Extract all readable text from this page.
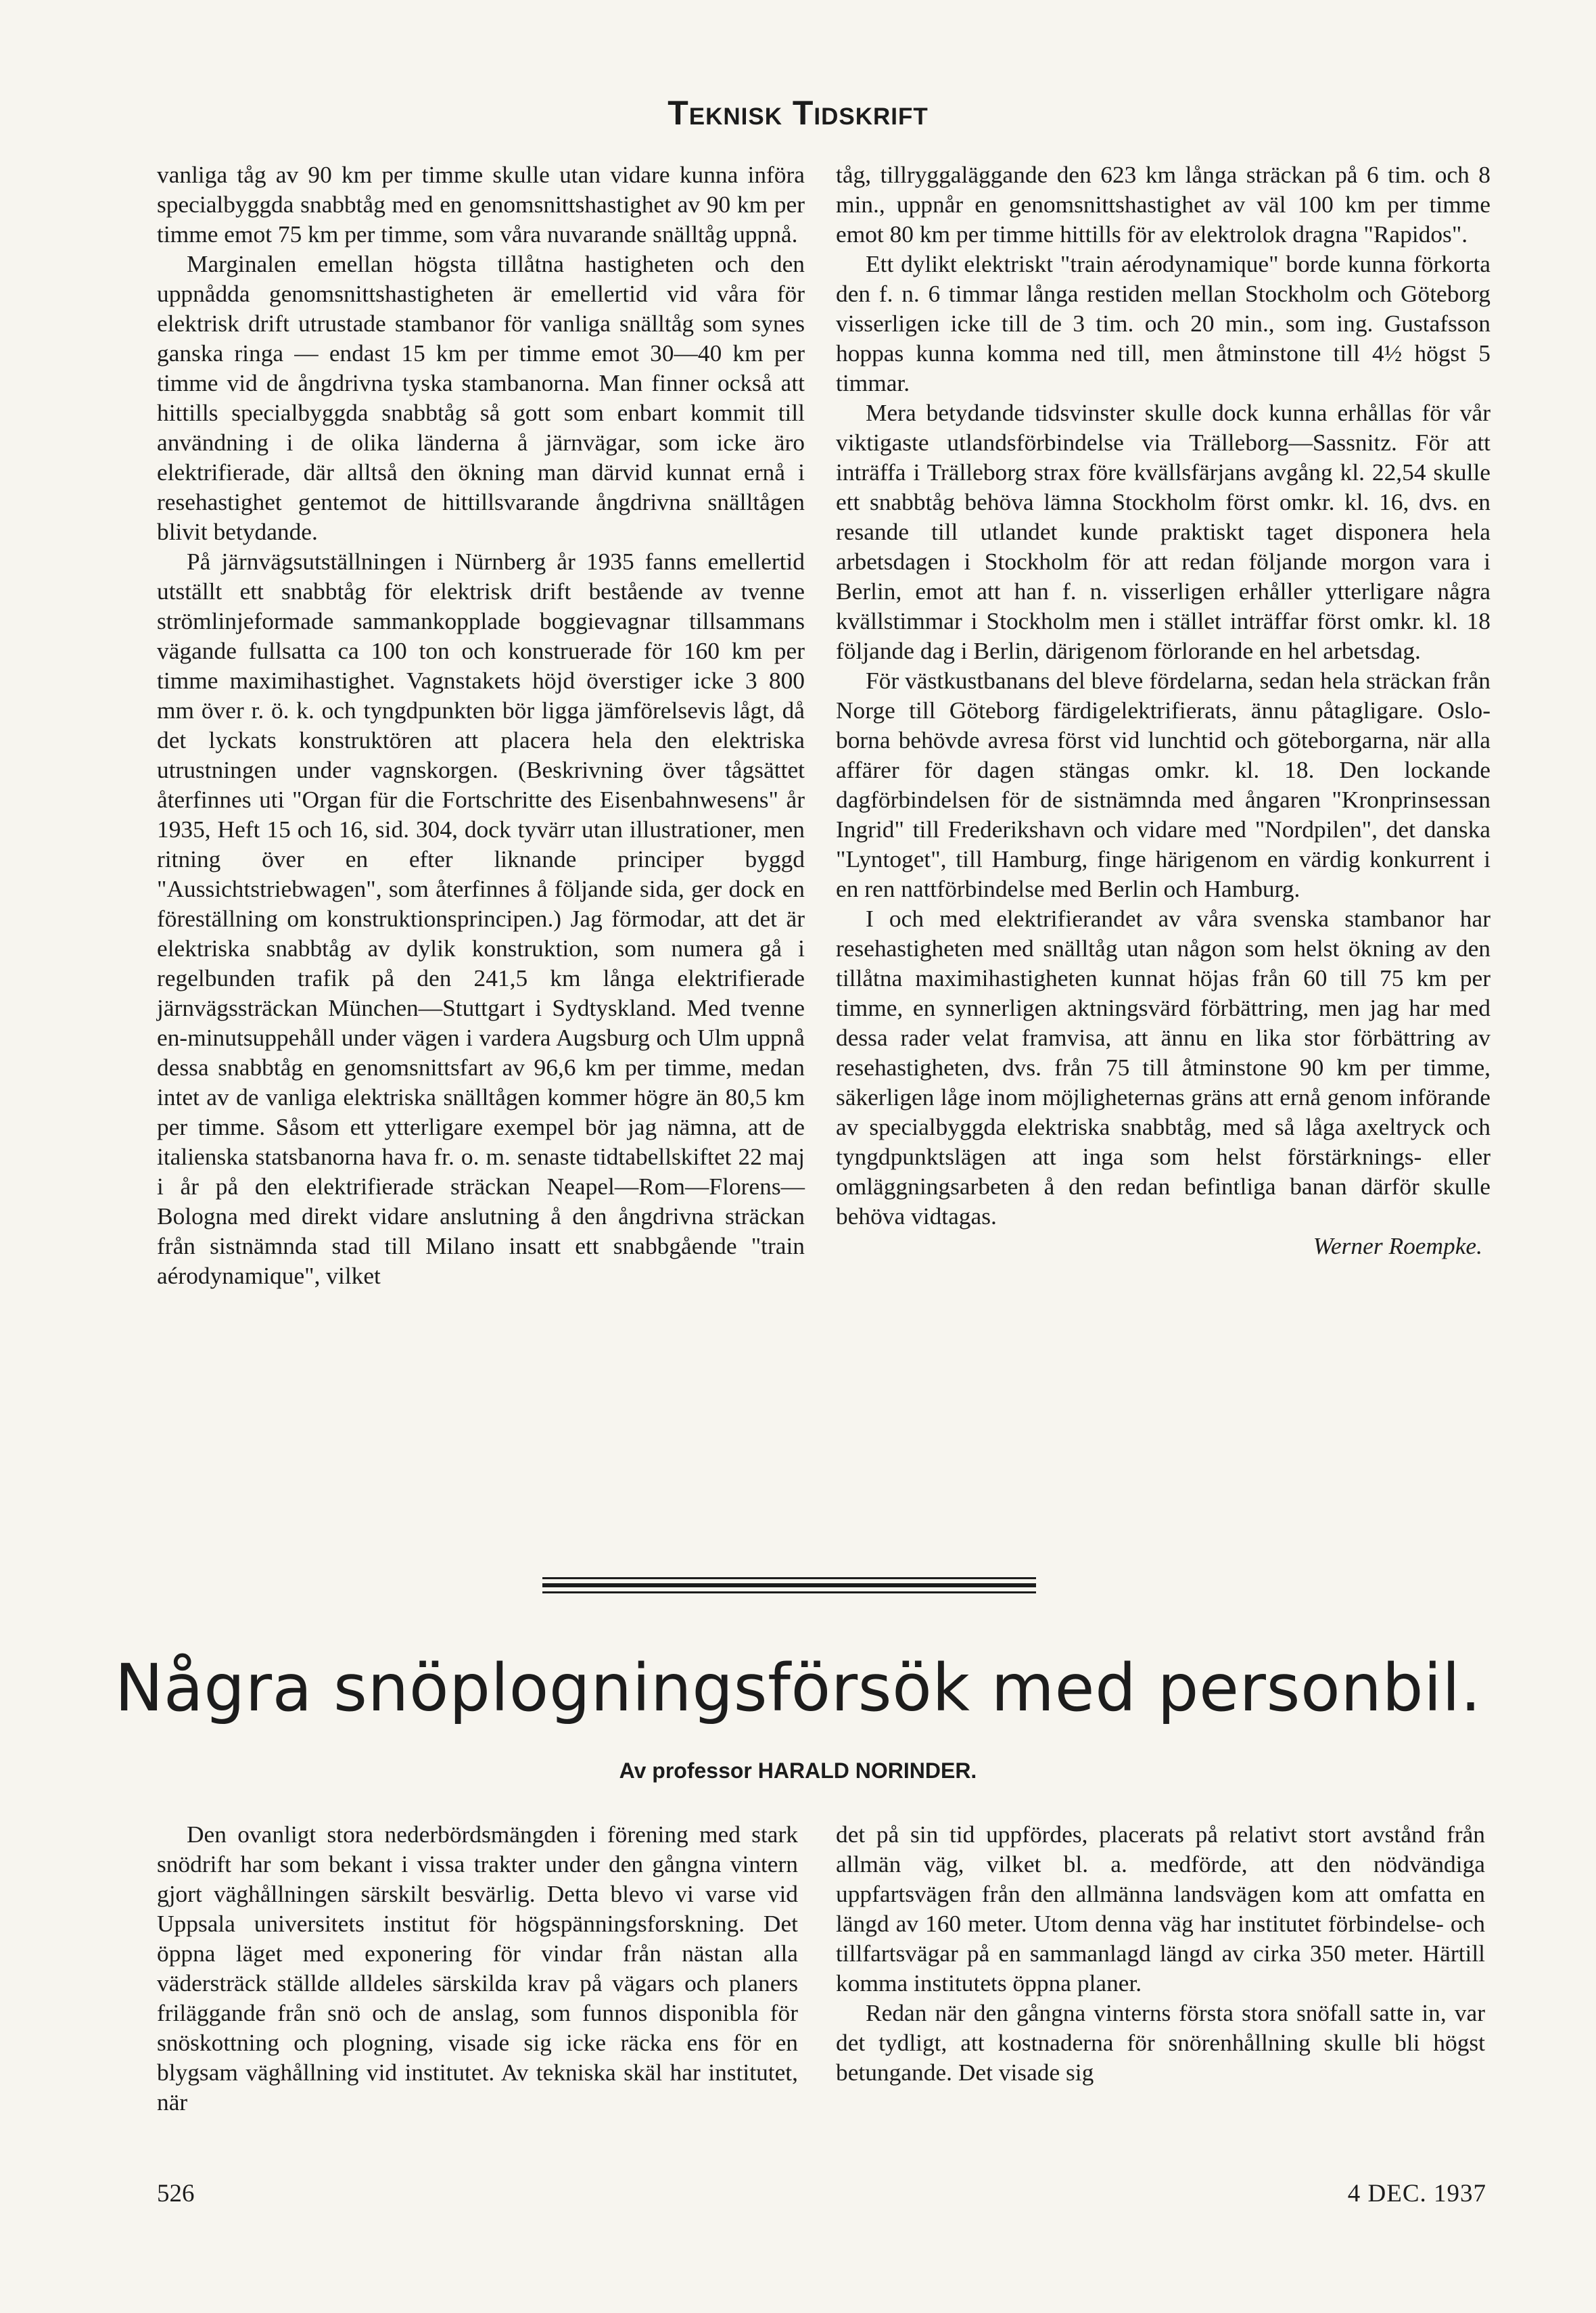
Teknisk Tidskrift

vanliga tåg av 90 km per timme skulle utan vidare kunna införa specialbyggda snabbtåg med en genomsnittshastighet av 90 km per timme emot 75 km per timme, som våra nuvarande snälltåg uppnå.

Marginalen emellan högsta tillåtna hastigheten och den uppnådda genomsnittshastigheten är emellertid vid våra för elektrisk drift utrustade stambanor för vanliga snälltåg som synes ganska ringa — endast 15 km per timme emot 30—40 km per timme vid de ångdrivna tyska stambanorna. Man finner också att hittills specialbyggda snabbtåg så gott som enbart kommit till användning i de olika länderna å järnvägar, som icke äro elektrifierade, där alltså den ökning man därvid kunnat ernå i resehastighet gentemot de hittillsvarande ångdrivna snälltågen blivit betydande.

På järnvägsutställningen i Nürnberg år 1935 fanns emellertid utställt ett snabbtåg för elektrisk drift bestående av tvenne strömlinjeformade sammankopplade boggievagnar tillsammans vägande fullsatta ca 100 ton och konstruerade för 160 km per timme maximihastighet. Vagnstakets höjd överstiger icke 3 800 mm över r. ö. k. och tyngdpunkten bör ligga jämförelsevis lågt, då det lyckats konstruktören att placera hela den elektriska utrustningen under vagnskorgen. (Beskrivning över tågsättet återfinnes uti "Organ für die Fortschritte des Eisenbahnwesens" år 1935, Heft 15 och 16, sid. 304, dock tyvärr utan illustrationer, men ritning över en efter liknande principer byggd "Aussichtstriebwagen", som återfinnes å följande sida, ger dock en föreställning om konstruktionsprincipen.) Jag förmodar, att det är elektriska snabbtåg av dylik konstruktion, som numera gå i regelbunden trafik på den 241,5 km långa elektrifierade järnvägssträckan München—Stuttgart i Sydtyskland. Med tvenne en-minutsuppehåll under vägen i vardera Augsburg och Ulm uppnå dessa snabbtåg en genomsnittsfart av 96,6 km per timme, medan intet av de vanliga elektriska snälltågen kommer högre än 80,5 km per timme. Såsom ett ytterligare exempel bör jag nämna, att de italienska statsbanorna hava fr. o. m. senaste tidtabellskiftet 22 maj i år på den elektrifierade sträckan Neapel—Rom—Florens—Bologna med direkt vidare anslutning å den ångdrivna sträckan från sistnämnda stad till Milano insatt ett snabbgående "train aérodynamique", vilket

tåg, tillryggaläggande den 623 km långa sträckan på 6 tim. och 8 min., uppnår en genomsnittshastighet av väl 100 km per timme emot 80 km per timme hittills för av elektrolok dragna "Rapidos".

Ett dylikt elektriskt "train aérodynamique" borde kunna förkorta den f. n. 6 timmar långa restiden mellan Stockholm och Göteborg visserligen icke till de 3 tim. och 20 min., som ing. Gustafsson hoppas kunna komma ned till, men åtminstone till 4½ högst 5 timmar.

Mera betydande tidsvinster skulle dock kunna erhållas för vår viktigaste utlandsförbindelse via Trälleborg—Sassnitz. För att inträffa i Trälleborg strax före kvällsfärjans avgång kl. 22,54 skulle ett snabbtåg behöva lämna Stockholm först omkr. kl. 16, dvs. en resande till utlandet kunde praktiskt taget disponera hela arbetsdagen i Stockholm för att redan följande morgon vara i Berlin, emot att han f. n. visserligen erhåller ytterligare några kvällstimmar i Stockholm men i stället inträffar först omkr. kl. 18 följande dag i Berlin, därigenom förlorande en hel arbetsdag.

För västkustbanans del bleve fördelarna, sedan hela sträckan från Norge till Göteborg färdigelektrifierats, ännu påtagligare. Oslo-borna behövde avresa först vid lunchtid och göteborgarna, när alla affärer för dagen stängas omkr. kl. 18. Den lockande dagförbindelsen för de sistnämnda med ångaren "Kronprinsessan Ingrid" till Frederikshavn och vidare med "Nordpilen", det danska "Lyntoget", till Hamburg, finge härigenom en värdig konkurrent i en ren nattförbindelse med Berlin och Hamburg.

I och med elektrifierandet av våra svenska stambanor har resehastigheten med snälltåg utan någon som helst ökning av den tillåtna maximihastigheten kunnat höjas från 60 till 75 km per timme, en synnerligen aktningsvärd förbättring, men jag har med dessa rader velat framvisa, att ännu en lika stor förbättring av resehastigheten, dvs. från 75 till åtminstone 90 km per timme, säkerligen låge inom möjligheternas gräns att ernå genom införande av specialbyggda elektriska snabbtåg, med så låga axeltryck och tyngdpunktslägen att inga som helst förstärknings- eller omläggningsarbeten å den redan befintliga banan därför skulle behöva vidtagas.

Werner Roempke.

Några snöplogningsförsök med personbil.
Av professor HARALD NORINDER.

Den ovanligt stora nederbördsmängden i förening med stark snödrift har som bekant i vissa trakter under den gångna vintern gjort väghållningen särskilt besvärlig. Detta blevo vi varse vid Uppsala universitets institut för högspänningsforskning. Det öppna läget med exponering för vindar från nästan alla vädersträck ställde alldeles särskilda krav på vägars och planers friläggande från snö och de anslag, som funnos disponibla för snöskottning och plogning, visade sig icke räcka ens för en blygsam väghållning vid institutet. Av tekniska skäl har institutet, när

det på sin tid uppfördes, placerats på relativt stort avstånd från allmän väg, vilket bl. a. medförde, att den nödvändiga uppfartsvägen från den allmänna landsvägen kom att omfatta en längd av 160 meter. Utom denna väg har institutet förbindelse- och tillfartsvägar på en sammanlagd längd av cirka 350 meter. Härtill komma institutets öppna planer.

Redan när den gångna vinterns första stora snöfall satte in, var det tydligt, att kostnaderna för snörenhållning skulle bli högst betungande. Det visade sig

526	4 DEC. 1937
